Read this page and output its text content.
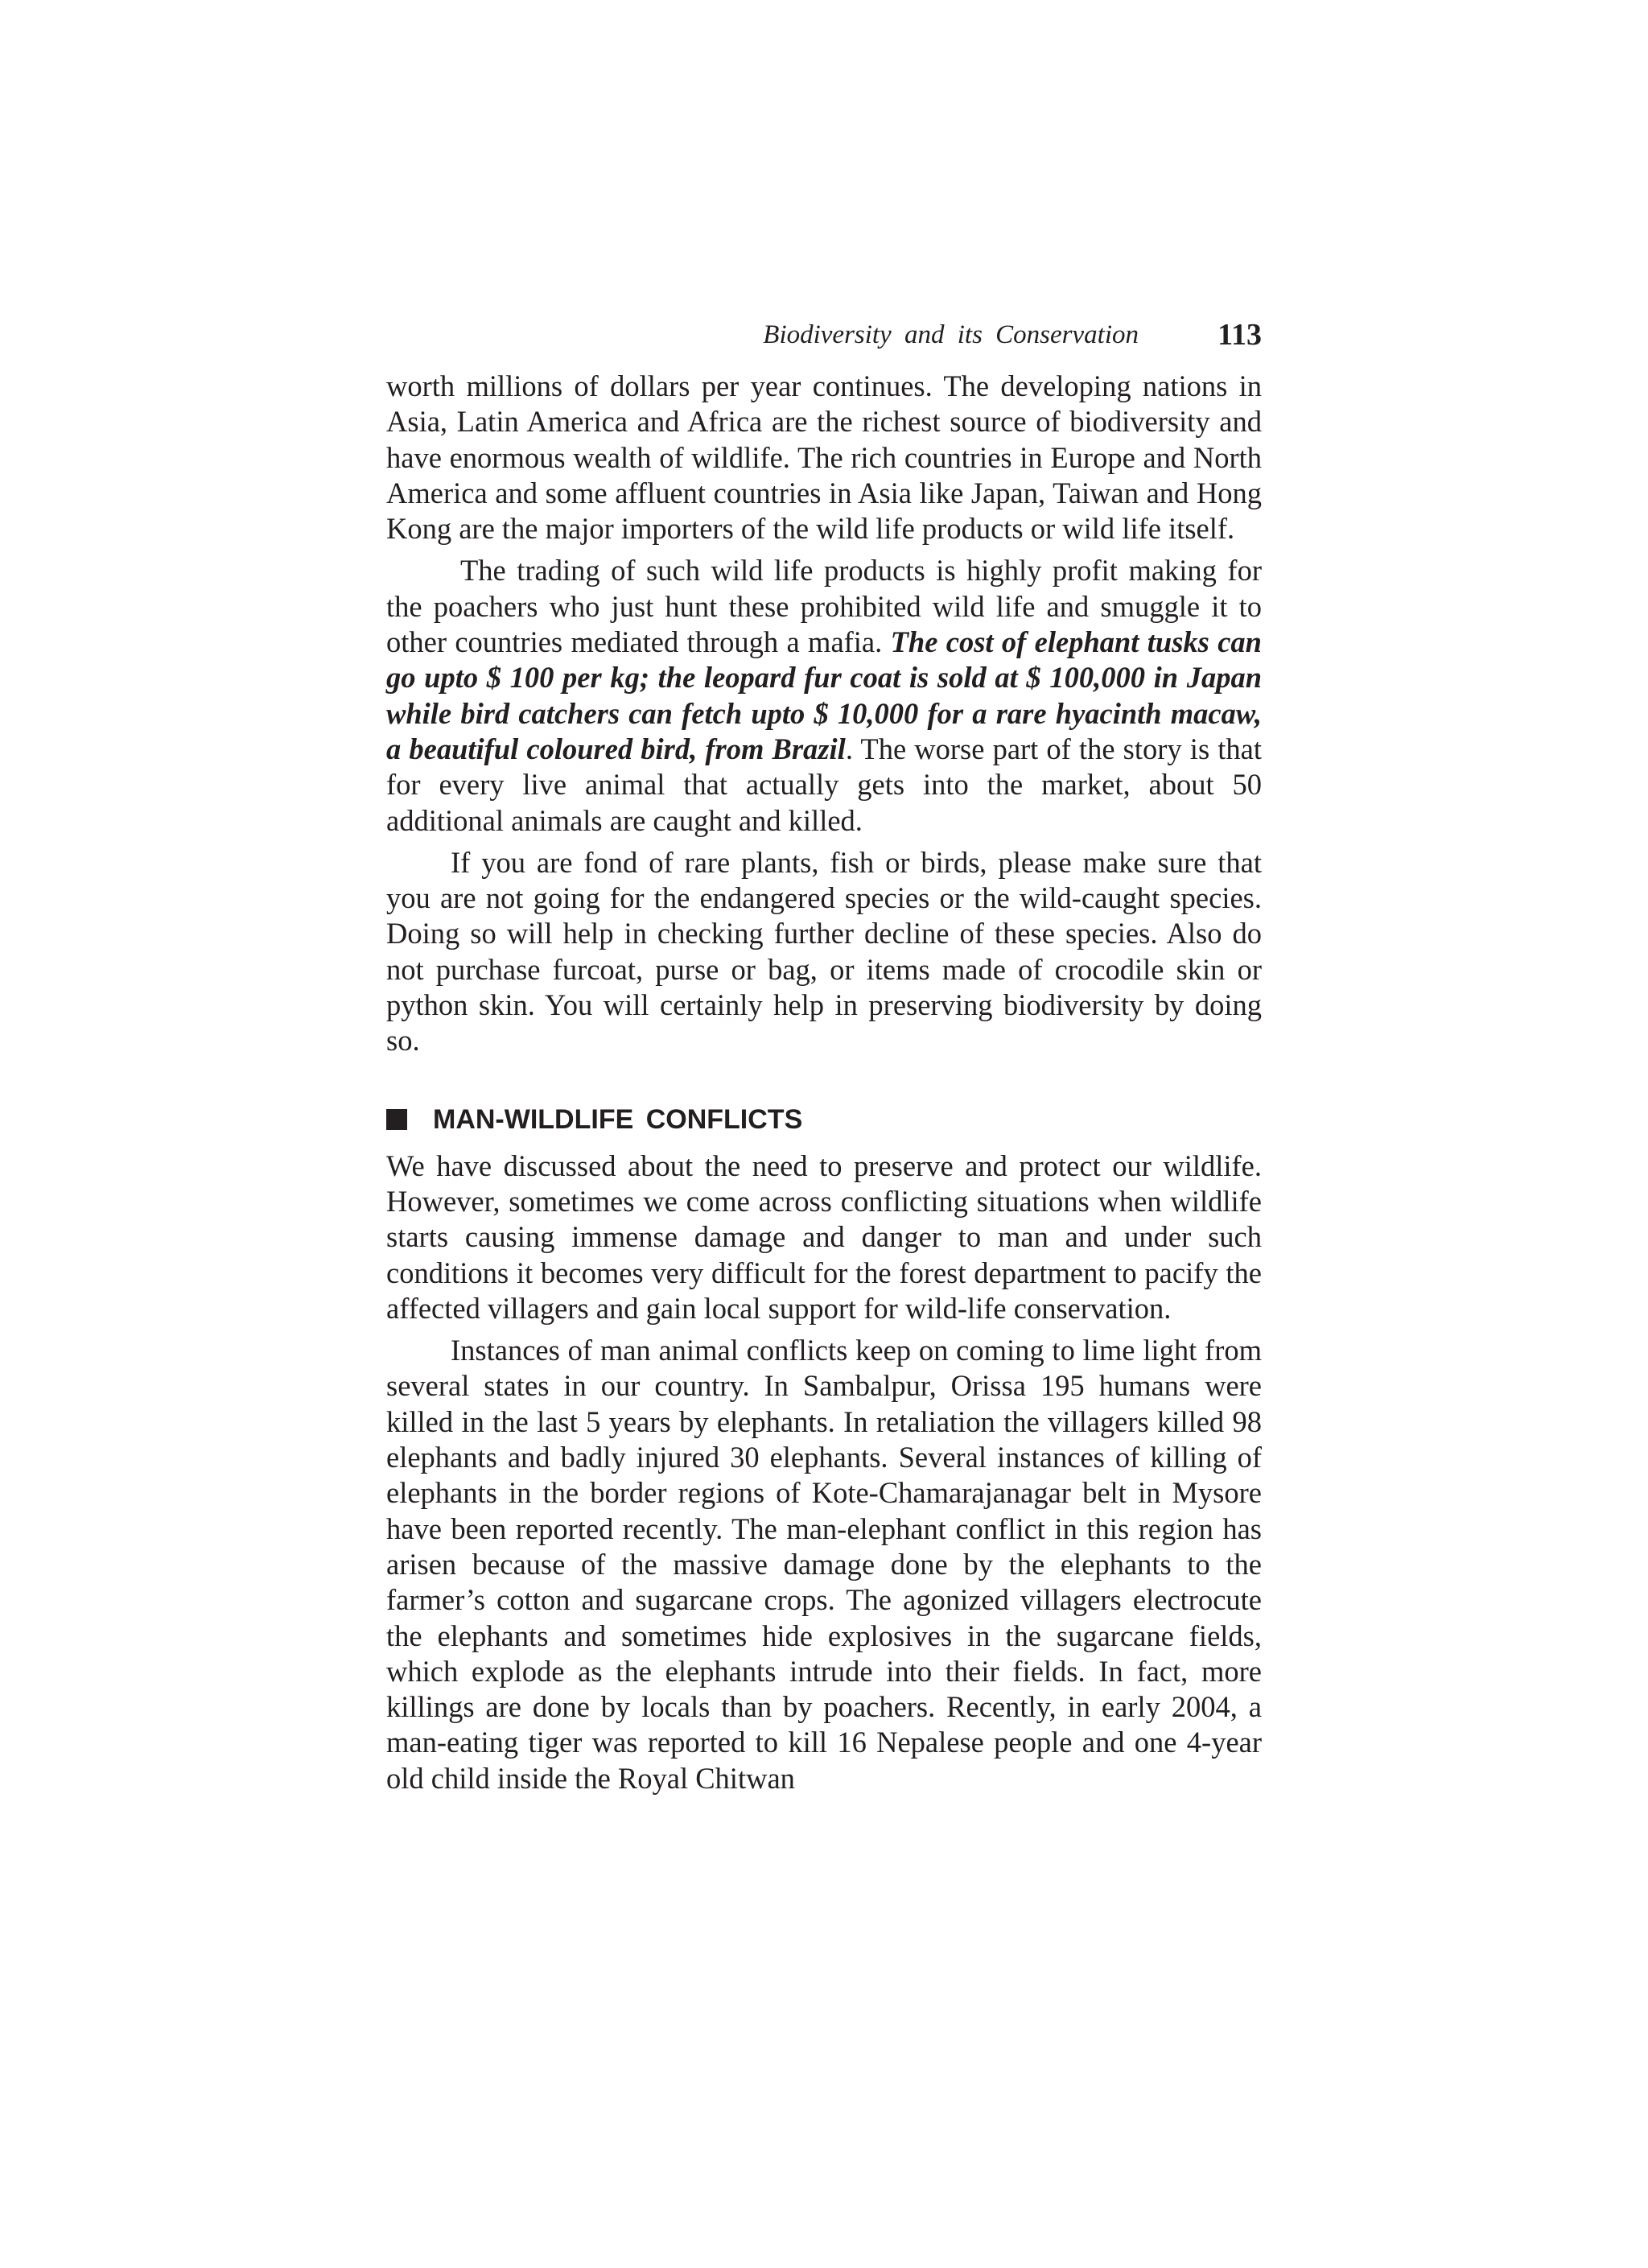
Biodiversity and its Conservation	113

worth millions of dollars per year continues. The developing nations in Asia, Latin America and Africa are the richest source of biodiversity and have enormous wealth of wildlife. The rich countries in Europe and North America and some affluent countries in Asia like Japan, Taiwan and Hong Kong are the major importers of the wild life products or wild life itself.

The trading of such wild life products is highly profit making for the poachers who just hunt these prohibited wild life and smuggle it to other countries mediated through a mafia. The cost of elephant tusks can go upto $ 100 per kg; the leopard fur coat is sold at $ 100,000 in Japan while bird catchers can fetch upto $ 10,000 for a rare hyacinth macaw, a beautiful coloured bird, from Brazil. The worse part of the story is that for every live animal that actually gets into the market, about 50 additional animals are caught and killed.

If you are fond of rare plants, fish or birds, please make sure that you are not going for the endangered species or the wild-caught species. Doing so will help in checking further decline of these species. Also do not purchase furcoat, purse or bag, or items made of crocodile skin or python skin. You will certainly help in preserving biodiversity by doing so.

MAN-WILDLIFE CONFLICTS

We have discussed about the need to preserve and protect our wildlife. However, sometimes we come across conflicting situations when wildlife starts causing immense damage and danger to man and under such conditions it becomes very difficult for the forest department to pacify the affected villagers and gain local support for wild-life conservation.

Instances of man animal conflicts keep on coming to lime light from several states in our country. In Sambalpur, Orissa 195 humans were killed in the last 5 years by elephants. In retaliation the villagers killed 98 elephants and badly injured 30 elephants. Several instances of killing of elephants in the border regions of Kote-Chamarajanagar belt in Mysore have been reported recently. The man-elephant conflict in this region has arisen because of the massive damage done by the elephants to the farmer’s cotton and sugarcane crops. The agonized villagers electrocute the elephants and sometimes hide explosives in the sugarcane fields, which explode as the elephants intrude into their fields. In fact, more killings are done by locals than by poachers. Recently, in early 2004, a man-eating tiger was reported to kill 16 Nepalese people and one 4-year old child inside the Royal Chitwan
